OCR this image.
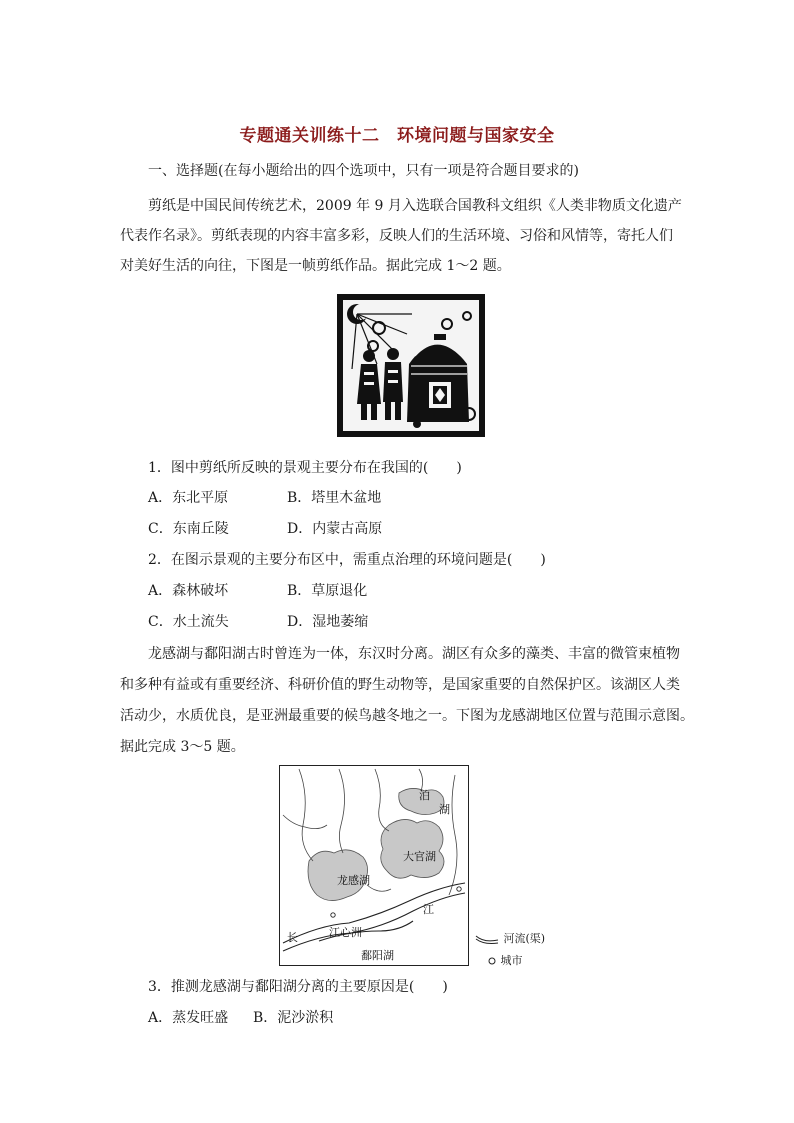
专题通关训练十二　环境问题与国家安全
一、选择题(在每小题给出的四个选项中，只有一项是符合题目要求的)
剪纸是中国民间传统艺术，2009 年 9 月入选联合国教科文组织《人类非物质文化遗产
代表作名录》。剪纸表现的内容丰富多彩，反映人们的生活环境、习俗和风情等，寄托人们
对美好生活的向往，下图是一帧剪纸作品。据此完成 1～2 题。
1．图中剪纸所反映的景观主要分布在我国的(　　)
A．东北平原	B．塔里木盆地
C．东南丘陵	D．内蒙古高原
2．在图示景观的主要分布区中，需重点治理的环境问题是(　　)
A．森林破坏	B．草原退化
C．水土流失	D．湿地萎缩
龙感湖与鄱阳湖古时曾连为一体，东汉时分离。湖区有众多的藻类、丰富的微管束植物
和多种有益或有重要经济、科研价值的野生动物等，是国家重要的自然保护区。该湖区人类
活动少，水质优良，是亚洲最重要的候鸟越冬地之一。下图为龙感湖地区位置与范围示意图。
据此完成 3～5 题。
龙感湖
大官湖
泊
湖
长
江
江心洲
鄱阳湖
河流(渠)
城市
3．推测龙感湖与鄱阳湖分离的主要原因是(　　)
A．蒸发旺盛 B．泥沙淤积
